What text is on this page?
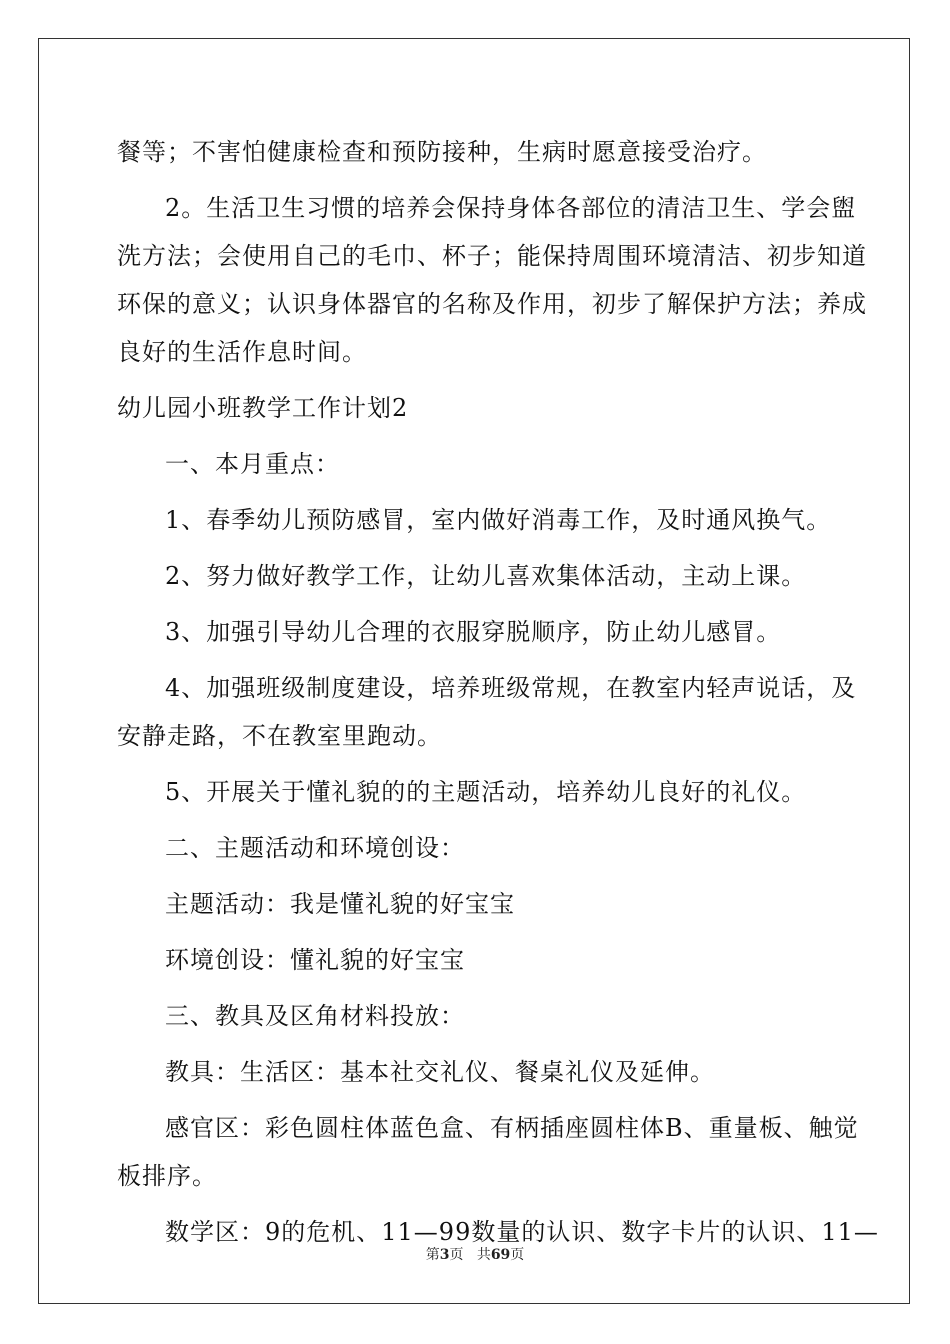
餐等；不害怕健康检查和预防接种，生病时愿意接受治疗。
2。生活卫生习惯的培养会保持身体各部位的清洁卫生、学会盥
洗方法；会使用自己的毛巾、杯子；能保持周围环境清洁、初步知道
环保的意义；认识身体器官的名称及作用，初步了解保护方法；养成
良好的生活作息时间。
幼儿园小班教学工作计划2
一、本月重点：
1、春季幼儿预防感冒，室内做好消毒工作，及时通风换气。
2、努力做好教学工作，让幼儿喜欢集体活动，主动上课。
3、加强引导幼儿合理的衣服穿脱顺序，防止幼儿感冒。
4、加强班级制度建设，培养班级常规，在教室内轻声说话，及
安静走路，不在教室里跑动。
5、开展关于懂礼貌的的主题活动，培养幼儿良好的礼仪。
二、主题活动和环境创设：
主题活动：我是懂礼貌的好宝宝
环境创设：懂礼貌的好宝宝
三、教具及区角材料投放：
教具：生活区：基本社交礼仪、餐桌礼仪及延伸。
感官区：彩色圆柱体蓝色盒、有柄插座圆柱体B、重量板、触觉
板排序。
数学区：9的危机、11—99数量的认识、数字卡片的认识、11—
第3页 共69页
